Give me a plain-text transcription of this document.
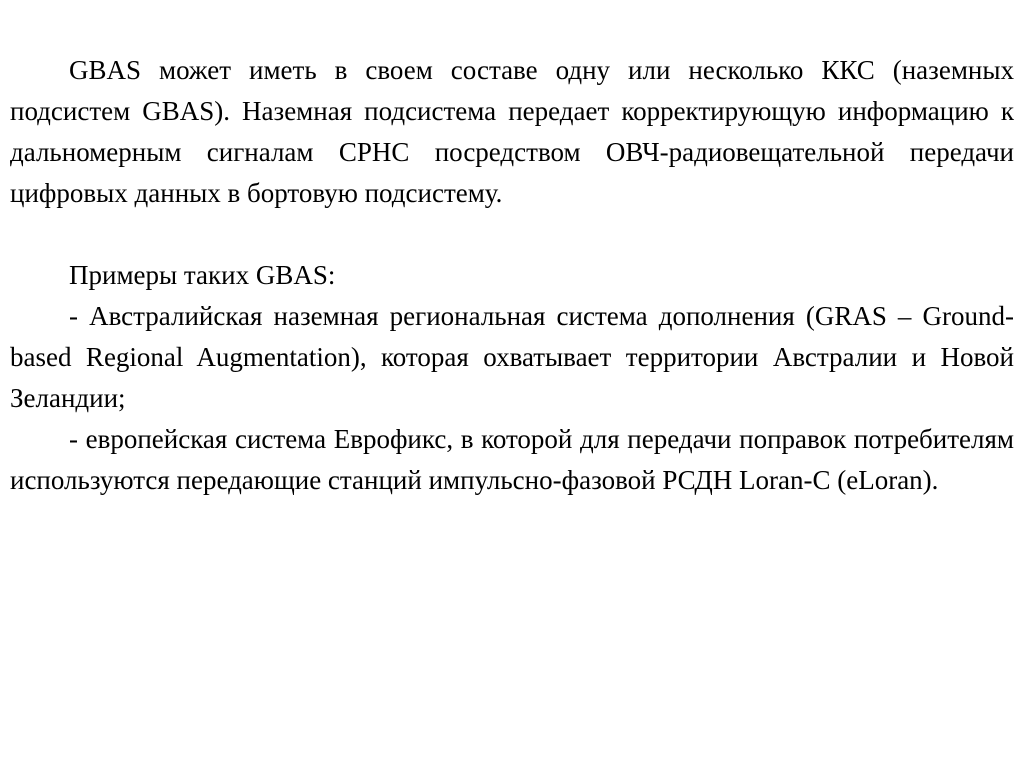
GBAS может иметь в своем составе одну или несколько ККС (наземных подсистем GBAS). Наземная подсистема передает корректирующую информацию к дальномерным сигналам СРНС посредством ОВЧ-радиовещательной передачи цифровых данных в бортовую подсистему.

Примеры таких GBAS:

- Австралийская наземная региональная система дополнения (GRAS – Ground-based Regional Augmentation), которая охватывает территории Австралии и Новой Зеландии;

- европейская система Еврофикс, в которой для передачи поправок потребителям используются передающие станций импульсно-фазовой РСДН Loran-C (eLoran).
